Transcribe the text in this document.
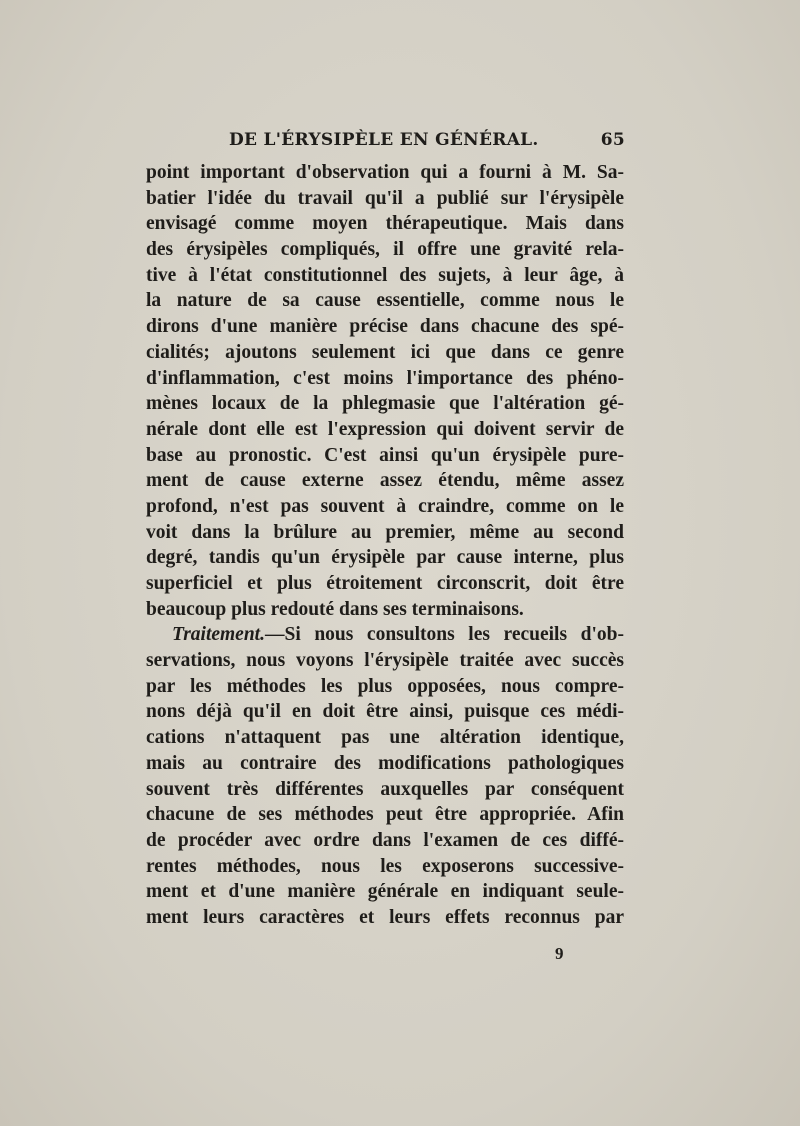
DE L'ÉRYSIPÈLE EN GÉNÉRAL.	65
point important d'observation qui a fourni à M. Sa-
batier l'idée du travail qu'il a publié sur l'érysipèle
envisagé comme moyen thérapeutique. Mais dans
des érysipèles compliqués, il offre une gravité rela-
tive à l'état constitutionnel des sujets, à leur âge, à
la nature de sa cause essentielle, comme nous le
dirons d'une manière précise dans chacune des spé-
cialités; ajoutons seulement ici que dans ce genre
d'inflammation, c'est moins l'importance des phéno-
mènes locaux de la phlegmasie que l'altération gé-
nérale dont elle est l'expression qui doivent servir de
base au pronostic. C'est ainsi qu'un érysipèle pure-
ment de cause externe assez étendu, même assez
profond, n'est pas souvent à craindre, comme on le
voit dans la brûlure au premier, même au second
degré, tandis qu'un érysipèle par cause interne, plus
superficiel et plus étroitement circonscrit, doit être
beaucoup plus redouté dans ses terminaisons.
Traitement.—Si nous consultons les recueils d'ob-
servations, nous voyons l'érysipèle traitée avec succès
par les méthodes les plus opposées, nous compre-
nons déjà qu'il en doit être ainsi, puisque ces médi-
cations n'attaquent pas une altération identique,
mais au contraire des modifications pathologiques
souvent très différentes auxquelles par conséquent
chacune de ses méthodes peut être appropriée. Afin
de procéder avec ordre dans l'examen de ces diffé-
rentes méthodes, nous les exposerons successive-
ment et d'une manière générale en indiquant seule-
ment leurs caractères et leurs effets reconnus par
9
